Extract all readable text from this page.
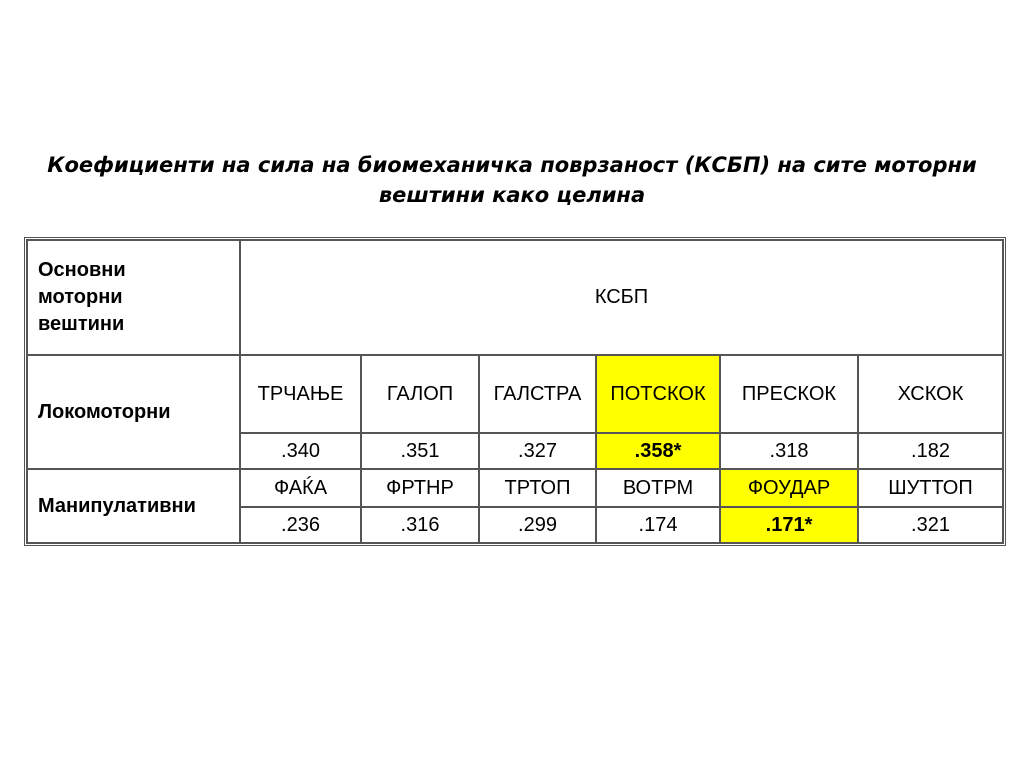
Коефициенти на сила на биомеханичка поврзаност (КСБП) на сите моторни
вештини како целина
Основни
моторни
вештини	КСБП					
Локомоторни	ТРЧАЊЕ	ГАЛОП	ГАЛСТРА	ПОТСКОК	ПРЕСКОК	ХСКОК
	.340	.351	.327	.358*	.318	.182
Манипулативни	ФАЌА	ФРТНР	ТРТОП	ВОТРМ	ФОУДАР	ШУТТОП
	.236	.316	.299	.174	.171*	.321
